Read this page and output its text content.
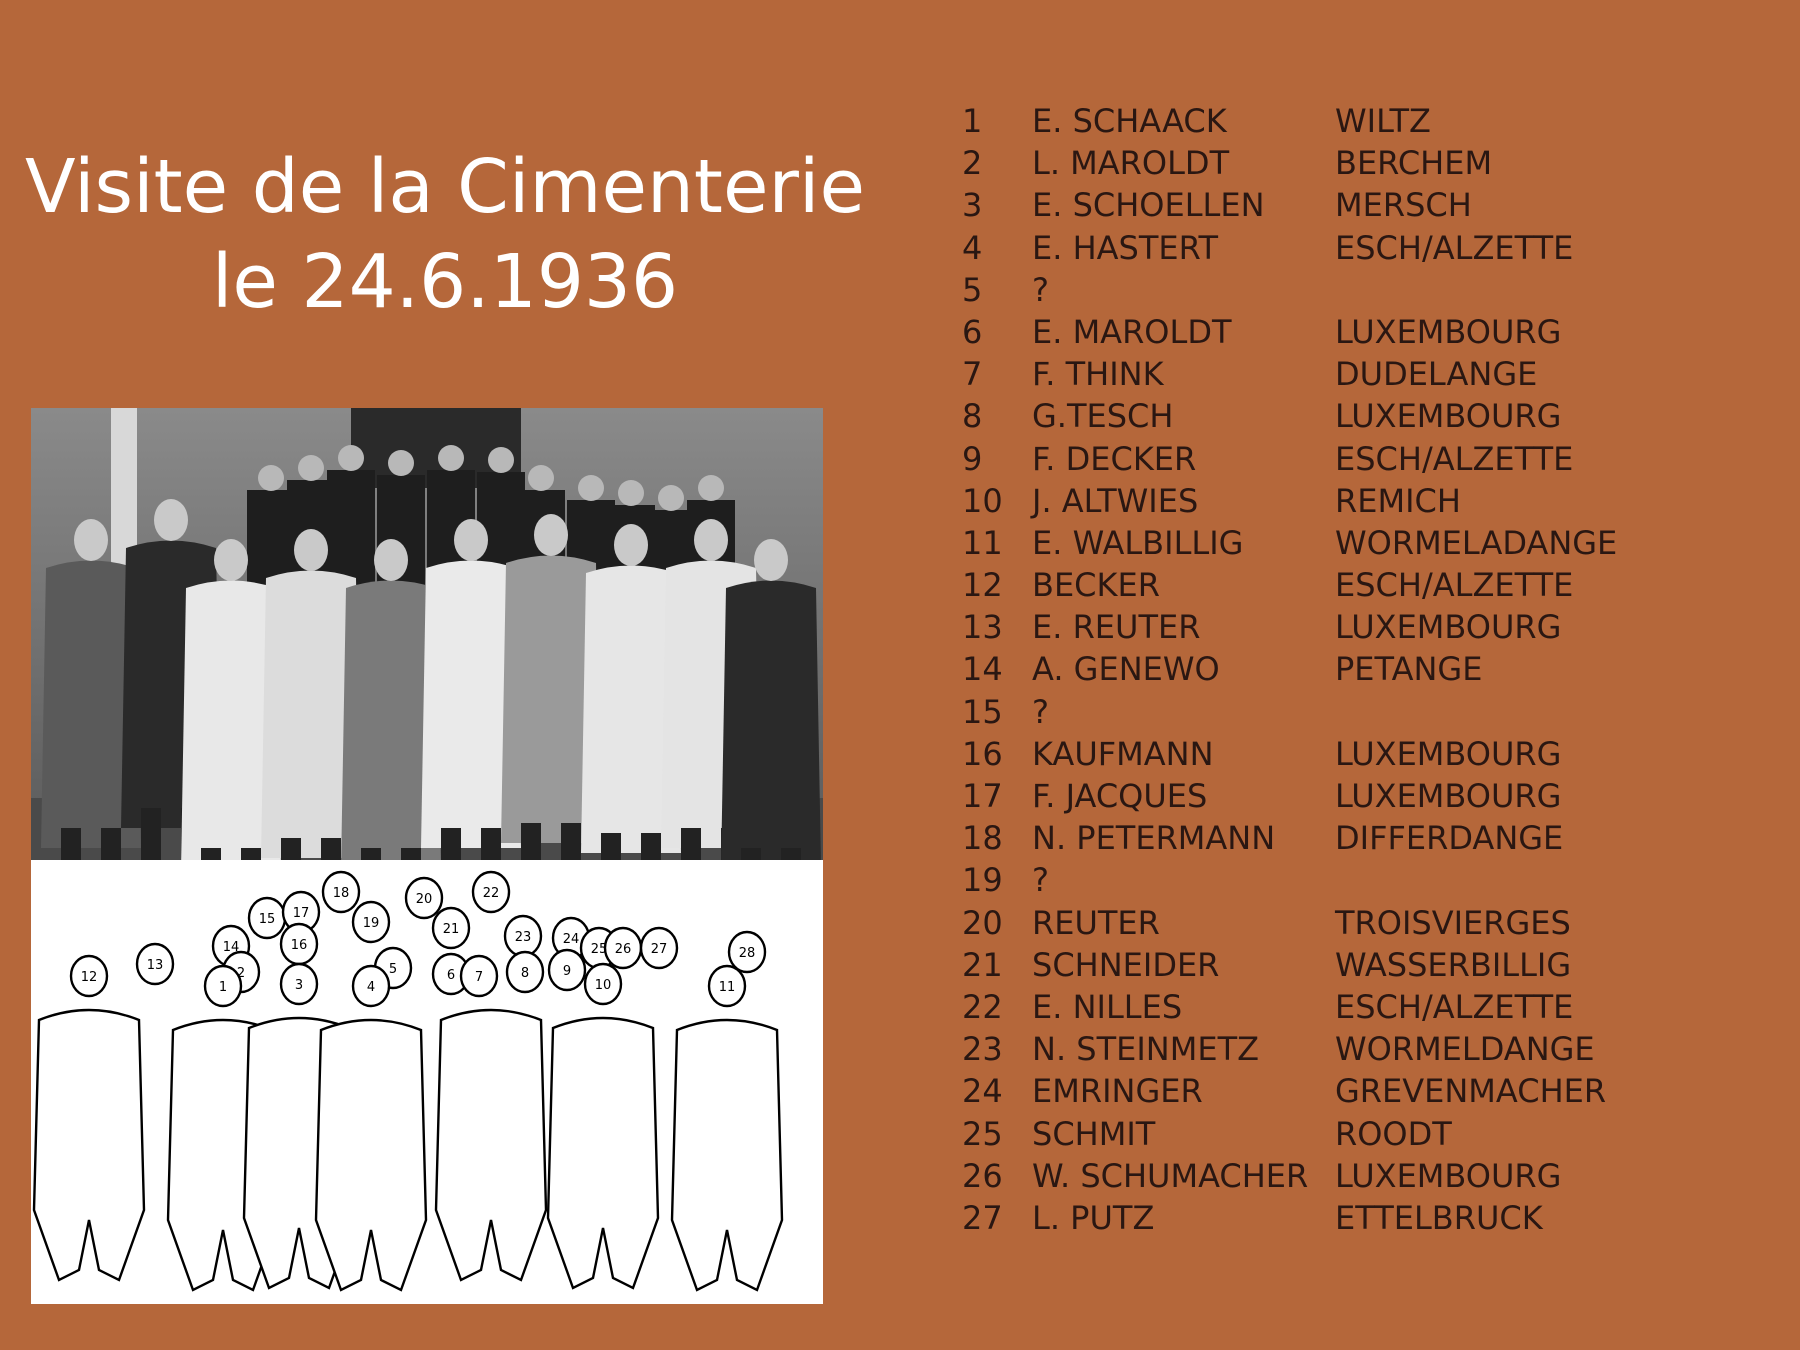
Visite de la Cimenterie
le 24.6.1936
18	20	22
15 17
19	21
23 24
14	16	25 26 27	28
13
2	5	6 7	8	9
12
1	3	4	10	11
1 E. SCHAACK	WILTZ
2 L. MAROLDT	BERCHEM
3 E. SCHOELLEN MERSCH
4 E. HASTERT	ESCH/ALZETTE
5 ?
6 E. MAROLDT	LUXEMBOURG
7 F. THINK	DUDELANGE
8 G.TESCH	LUXEMBOURG
9 F. DECKER	ESCH/ALZETTE
10 J. ALTWIES	REMICH
11 E. WALBILLIG	WORMELADANGE
12 BECKER	ESCH/ALZETTE
13 E. REUTER	LUXEMBOURG
14 A. GENEWO	PETANGE
15 ?
16 KAUFMANN	LUXEMBOURG
17 F. JACQUES	LUXEMBOURG
18 N. PETERMANN DIFFERDANGE
19 ?
20 REUTER	TROISVIERGES
21 SCHNEIDER	WASSERBILLIG
22 E. NILLES	ESCH/ALZETTE
23 N. STEINMETZ WORMELDANGE
24 EMRINGER	GREVENMACHER
25 SCHMIT	ROODT
26 W. SCHUMACHER LUXEMBOURG
27 L. PUTZ	ETTELBRUCK
